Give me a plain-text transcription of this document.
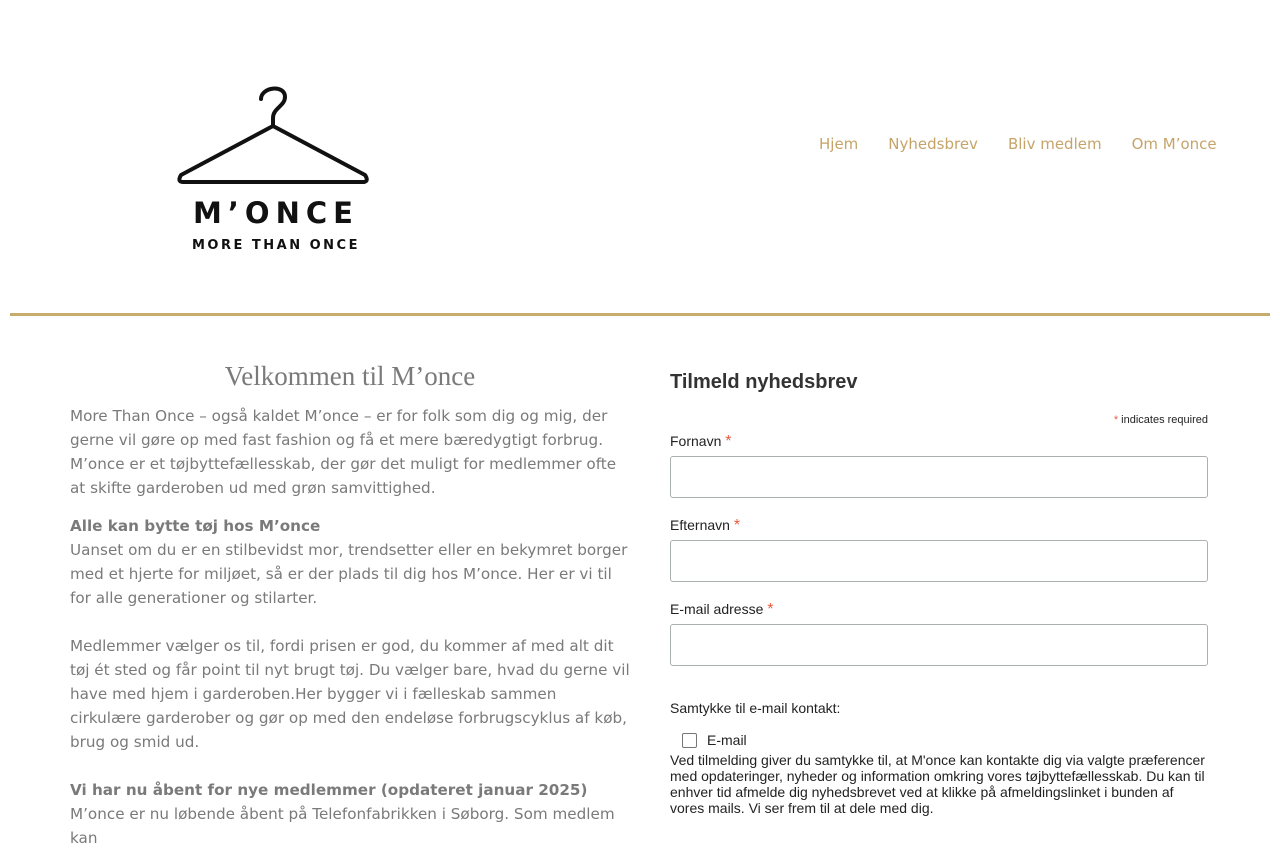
M’ONCE
MORE THAN ONCE
Hjem	Nyhedsbrev	Bliv medlem	Om M’once
Velkommen til M’once

More Than Once – også kaldet M’once – er for folk som dig og mig, der gerne vil gøre op med fast fashion og få et mere bæredygtigt forbrug. M’once er et tøjbyttefællesskab, der gør det muligt for medlemmer ofte at skifte garderoben ud med grøn samvittighed.

Alle kan bytte tøj hos M’once
Uanset om du er en stilbevidst mor, trendsetter eller en bekymret borger med et hjerte for miljøet, så er der plads til dig hos M’once. Her er vi til for alle generationer og stilarter.

Medlemmer vælger os til, fordi prisen er god, du kommer af med alt dit tøj ét sted og får point til nyt brugt tøj. Du vælger bare, hvad du gerne vil have med hjem i garderoben.Her bygger vi i fælleskab sammen cirkulære garderober og gør op med den endeløse forbrugscyklus af køb, brug og smid ud.

Vi har nu åbent for nye medlemmer (opdateret januar 2025)
M’once er nu løbende åbent på Telefonfabrikken i Søborg. Som medlem kan

Tilmeld nyhedsbrev
* indicates required
Fornavn *
Efternavn *
E-mail adresse *
Samtykke til e-mail kontakt:
E-mail
Ved tilmelding giver du samtykke til, at M'once kan kontakte dig via valgte præferencer med opdateringer, nyheder og information omkring vores tøjbyttefællesskab. Du kan til enhver tid afmelde dig nyhedsbrevet ved at klikke på afmeldingslinket i bunden af vores mails. Vi ser frem til at dele med dig.
